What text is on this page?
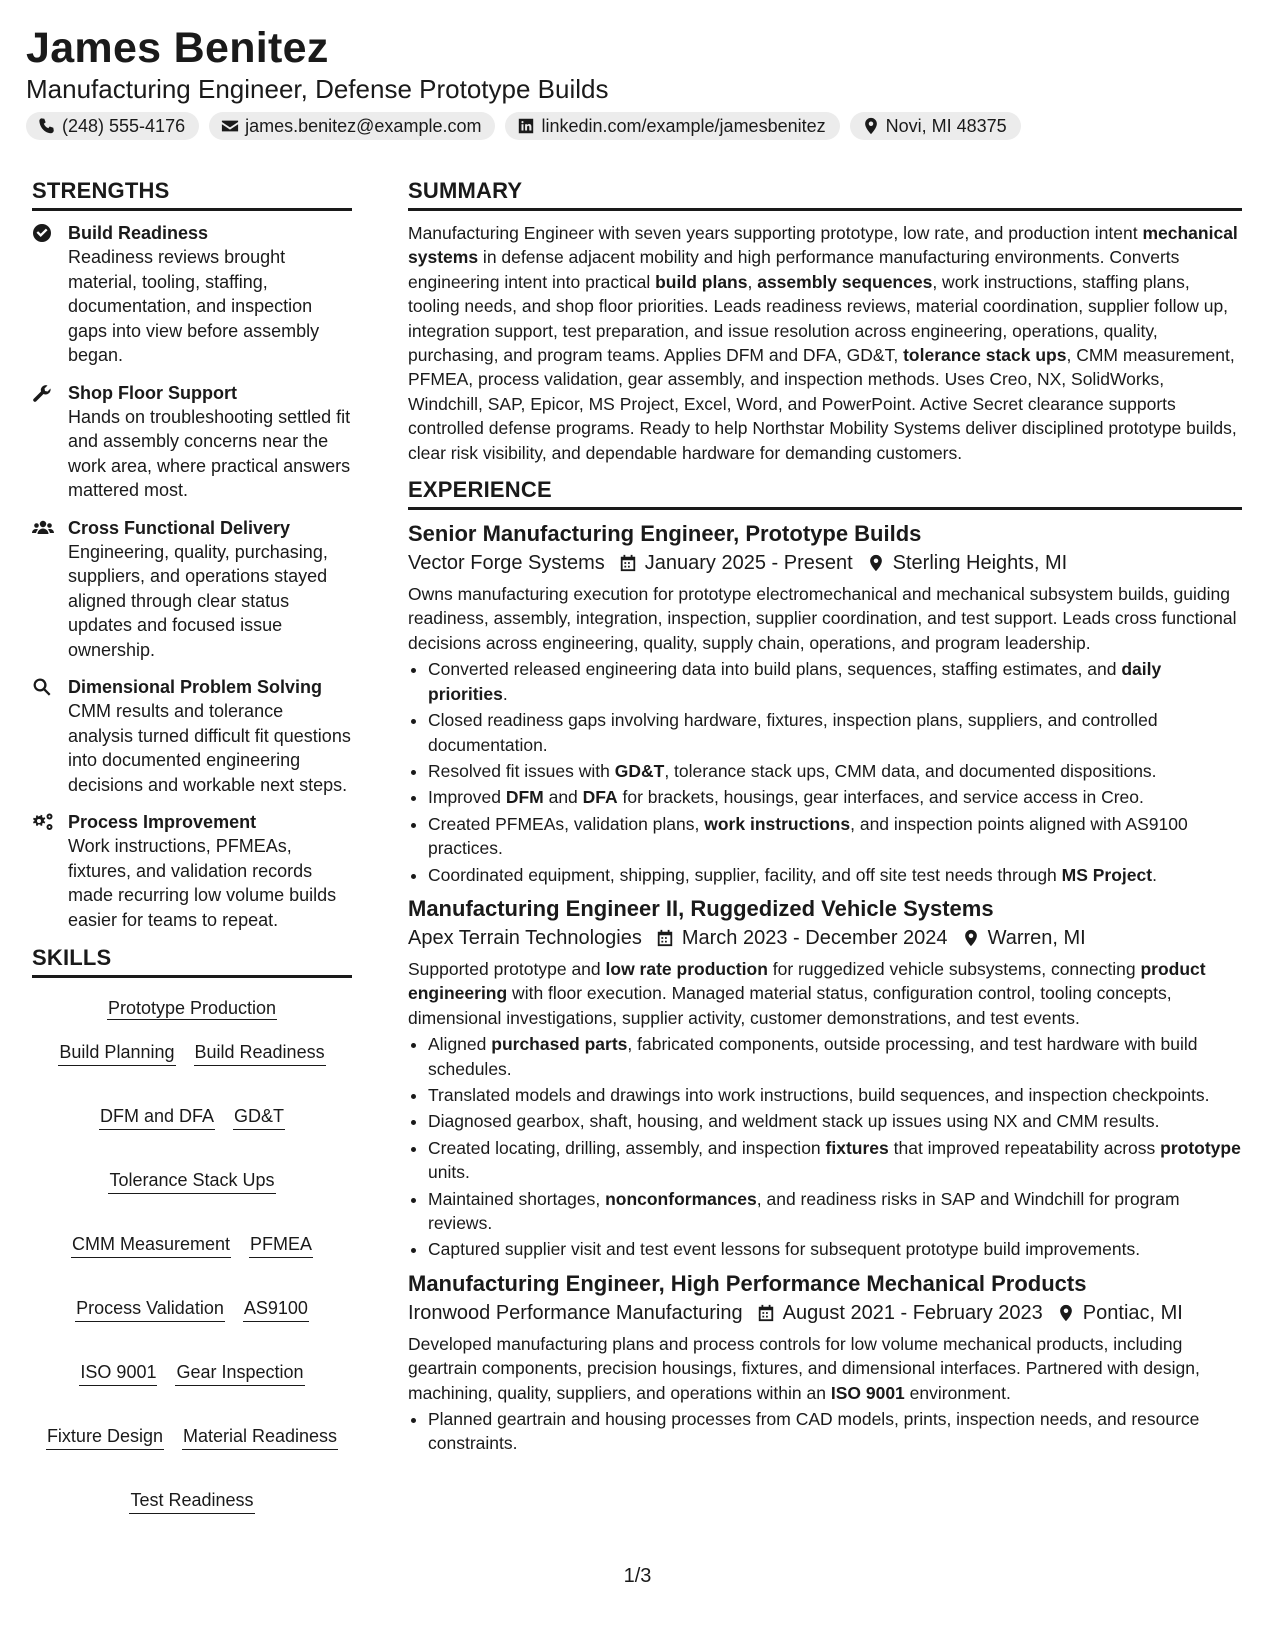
James Benitez
Manufacturing Engineer, Defense Prototype Builds
(248) 555-4176	james.benitez@example.com	linkedin.com/example/jamesbenitez	Novi, MI 48375
STRENGTHS
Build Readiness
Readiness reviews brought material, tooling, staffing, documentation, and inspection gaps into view before assembly began.
Shop Floor Support
Hands on troubleshooting settled fit and assembly concerns near the work area, where practical answers mattered most.
Cross Functional Delivery
Engineering, quality, purchasing, suppliers, and operations stayed aligned through clear status updates and focused issue ownership.
Dimensional Problem Solving
CMM results and tolerance analysis turned difficult fit questions into documented engineering decisions and workable next steps.
Process Improvement
Work instructions, PFMEAs, fixtures, and validation records made recurring low volume builds easier for teams to repeat.
SKILLS
Prototype Production
Build Planning Build Readiness
DFM and DFA GD&T
Tolerance Stack Ups
CMM Measurement PFMEA
Process Validation AS9100
ISO 9001 Gear Inspection
Fixture Design Material Readiness
Test Readiness
SUMMARY
Manufacturing Engineer with seven years supporting prototype, low rate, and production intent mechanical systems in defense adjacent mobility and high performance manufacturing environments. Converts engineering intent into practical build plans, assembly sequences, work instructions, staffing plans, tooling needs, and shop floor priorities. Leads readiness reviews, material coordination, supplier follow up, integration support, test preparation, and issue resolution across engineering, operations, quality, purchasing, and program teams. Applies DFM and DFA, GD&T, tolerance stack ups, CMM measurement, PFMEA, process validation, gear assembly, and inspection methods. Uses Creo, NX, SolidWorks, Windchill, SAP, Epicor, MS Project, Excel, Word, and PowerPoint. Active Secret clearance supports controlled defense programs. Ready to help Northstar Mobility Systems deliver disciplined prototype builds, clear risk visibility, and dependable hardware for demanding customers.
EXPERIENCE
Senior Manufacturing Engineer, Prototype Builds
Vector Forge Systems January 2025 - Present Sterling Heights, MI
Owns manufacturing execution for prototype electromechanical and mechanical subsystem builds, guiding readiness, assembly, integration, inspection, supplier coordination, and test support. Leads cross functional decisions across engineering, quality, supply chain, operations, and program leadership.
• Converted released engineering data into build plans, sequences, staffing estimates, and daily priorities.
• Closed readiness gaps involving hardware, fixtures, inspection plans, suppliers, and controlled documentation.
• Resolved fit issues with GD&T, tolerance stack ups, CMM data, and documented dispositions.
• Improved DFM and DFA for brackets, housings, gear interfaces, and service access in Creo.
• Created PFMEAs, validation plans, work instructions, and inspection points aligned with AS9100 practices.
• Coordinated equipment, shipping, supplier, facility, and off site test needs through MS Project.
Manufacturing Engineer II, Ruggedized Vehicle Systems
Apex Terrain Technologies March 2023 - December 2024 Warren, MI
Supported prototype and low rate production for ruggedized vehicle subsystems, connecting product engineering with floor execution. Managed material status, configuration control, tooling concepts, dimensional investigations, supplier activity, customer demonstrations, and test events.
• Aligned purchased parts, fabricated components, outside processing, and test hardware with build schedules.
• Translated models and drawings into work instructions, build sequences, and inspection checkpoints.
• Diagnosed gearbox, shaft, housing, and weldment stack up issues using NX and CMM results.
• Created locating, drilling, assembly, and inspection fixtures that improved repeatability across prototype units.
• Maintained shortages, nonconformances, and readiness risks in SAP and Windchill for program reviews.
• Captured supplier visit and test event lessons for subsequent prototype build improvements.
Manufacturing Engineer, High Performance Mechanical Products
Ironwood Performance Manufacturing August 2021 - February 2023 Pontiac, MI
Developed manufacturing plans and process controls for low volume mechanical products, including geartrain components, precision housings, fixtures, and dimensional interfaces. Partnered with design, machining, quality, suppliers, and operations within an ISO 9001 environment.
• Planned geartrain and housing processes from CAD models, prints, inspection needs, and resource constraints.
1/3
